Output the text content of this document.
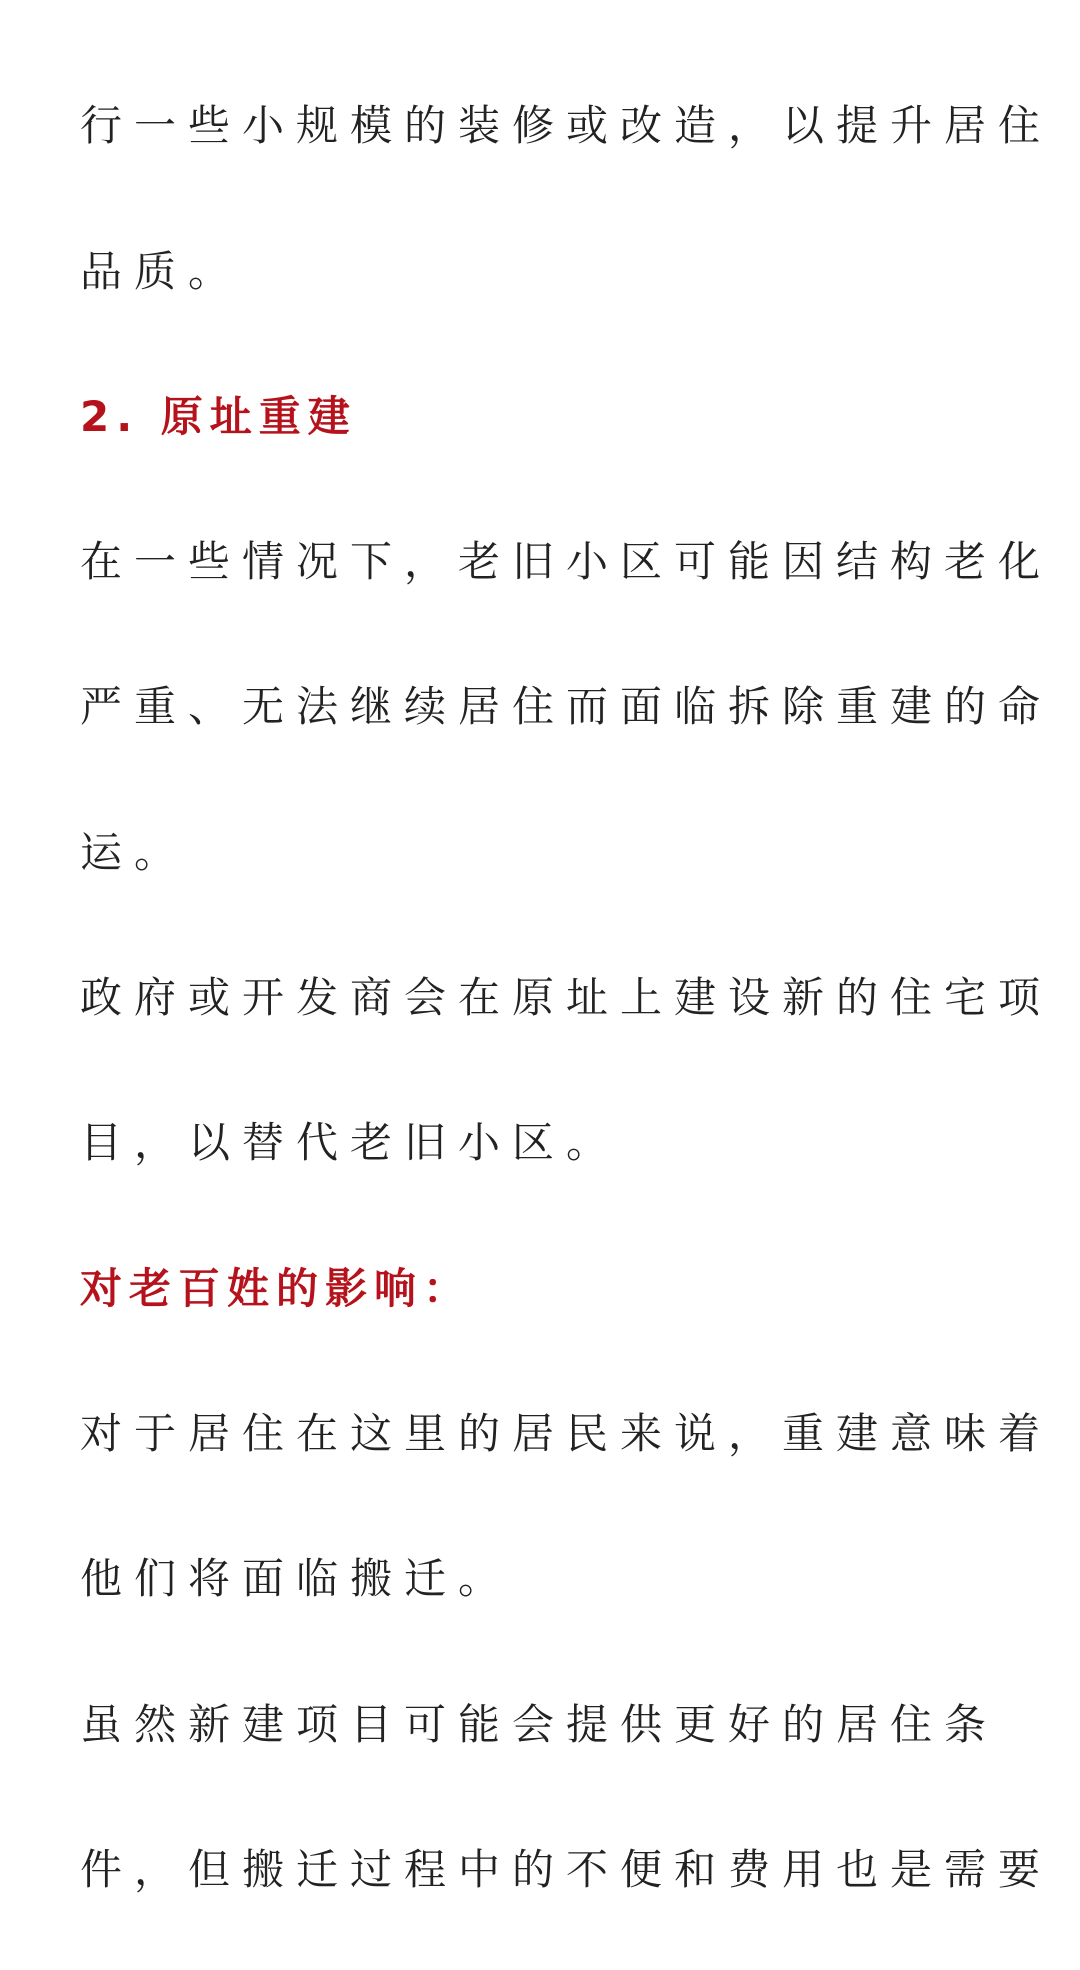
行一些小规模的装修或改造，以提升居住
品质。
2. 原址重建
在一些情况下，老旧小区可能因结构老化
严重、无法继续居住而面临拆除重建的命
运。
政府或开发商会在原址上建设新的住宅项
目，以替代老旧小区。
对老百姓的影响：
对于居住在这里的居民来说，重建意味着
他们将面临搬迁。
虽然新建项目可能会提供更好的居住条
件，但搬迁过程中的不便和费用也是需要
